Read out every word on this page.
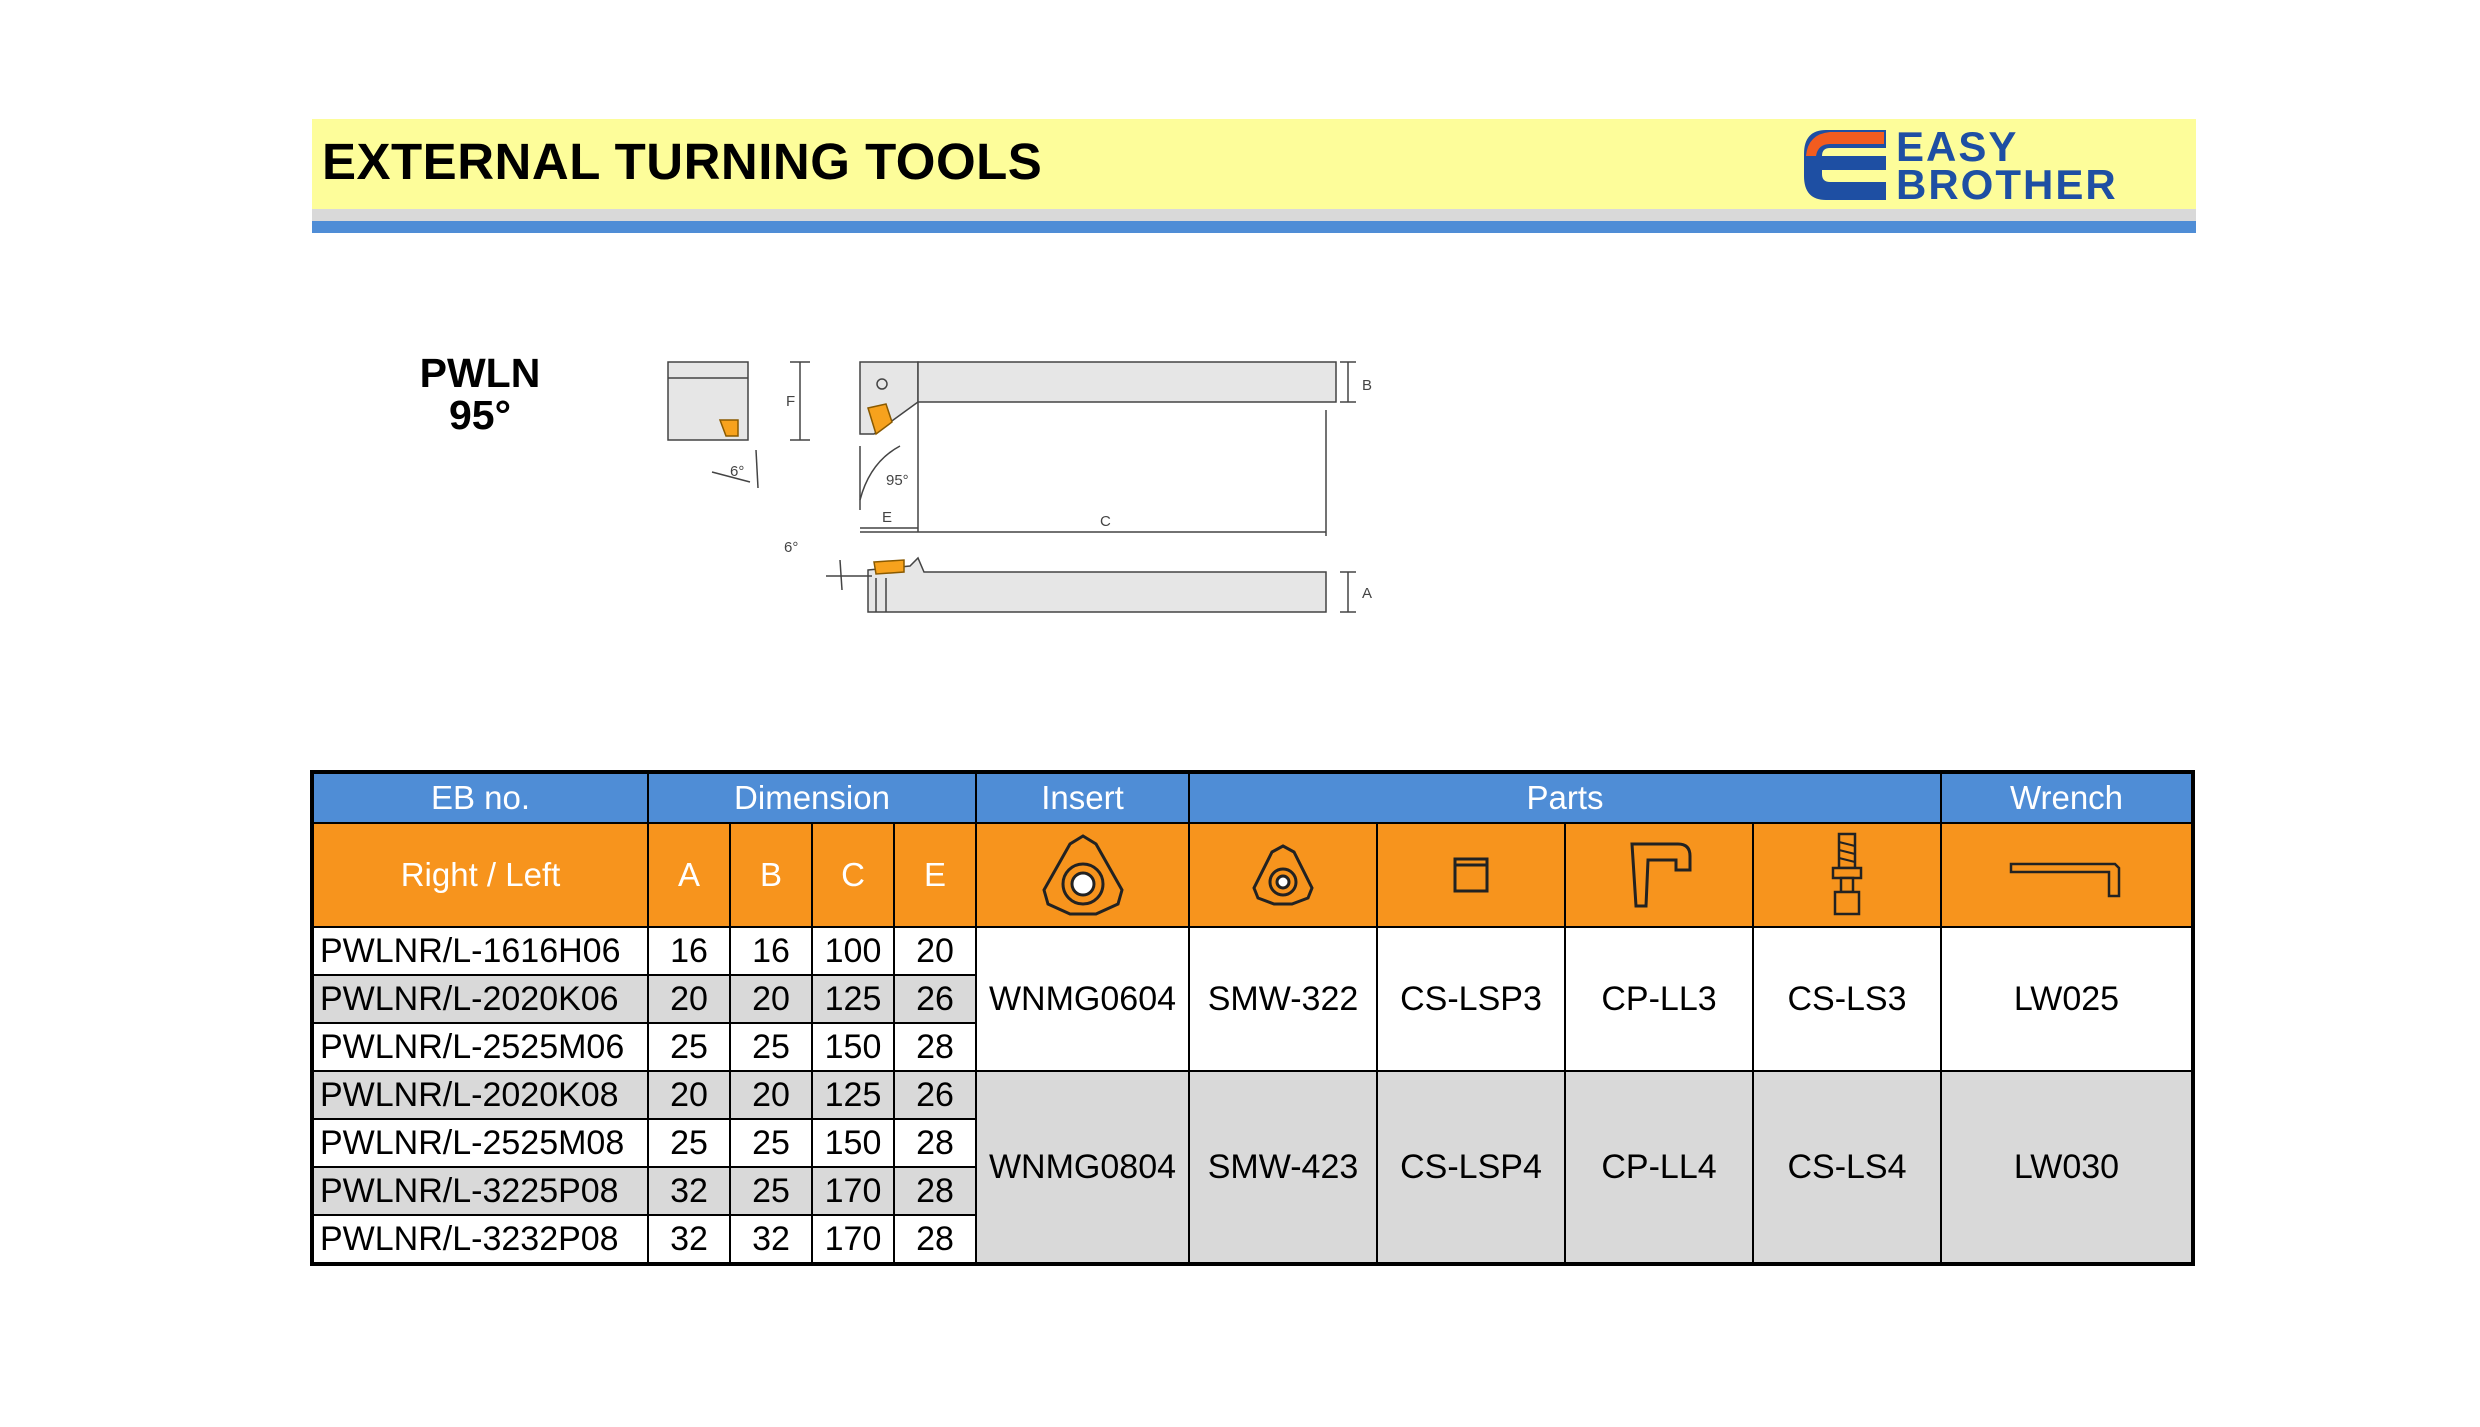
EXTERNAL TURNING TOOLS	EASY
BROTHER
PWLN
95°	F
B
A
C
E
95°
6°
6°
EB no.	Dimension				Insert	Parts				Wrench
Right / Left	A	B	C	E	

PWLNR/L-1616H06	16	16	100	20	WNMG0604	SMW-322	CS-LSP3	CP-LL3	CS-LS3	LW025
PWLNR/L-2020K06	20	20	125	26						
PWLNR/L-2525M06	25	25	150	28						
PWLNR/L-2020K08	20	20	125	26	WNMG0804	SMW-423	CS-LSP4	CP-LL4	CS-LS4	LW030
PWLNR/L-2525M08	25	25	150	28						
PWLNR/L-3225P08	32	25	170	28						
PWLNR/L-3232P08	32	32	170	28						
